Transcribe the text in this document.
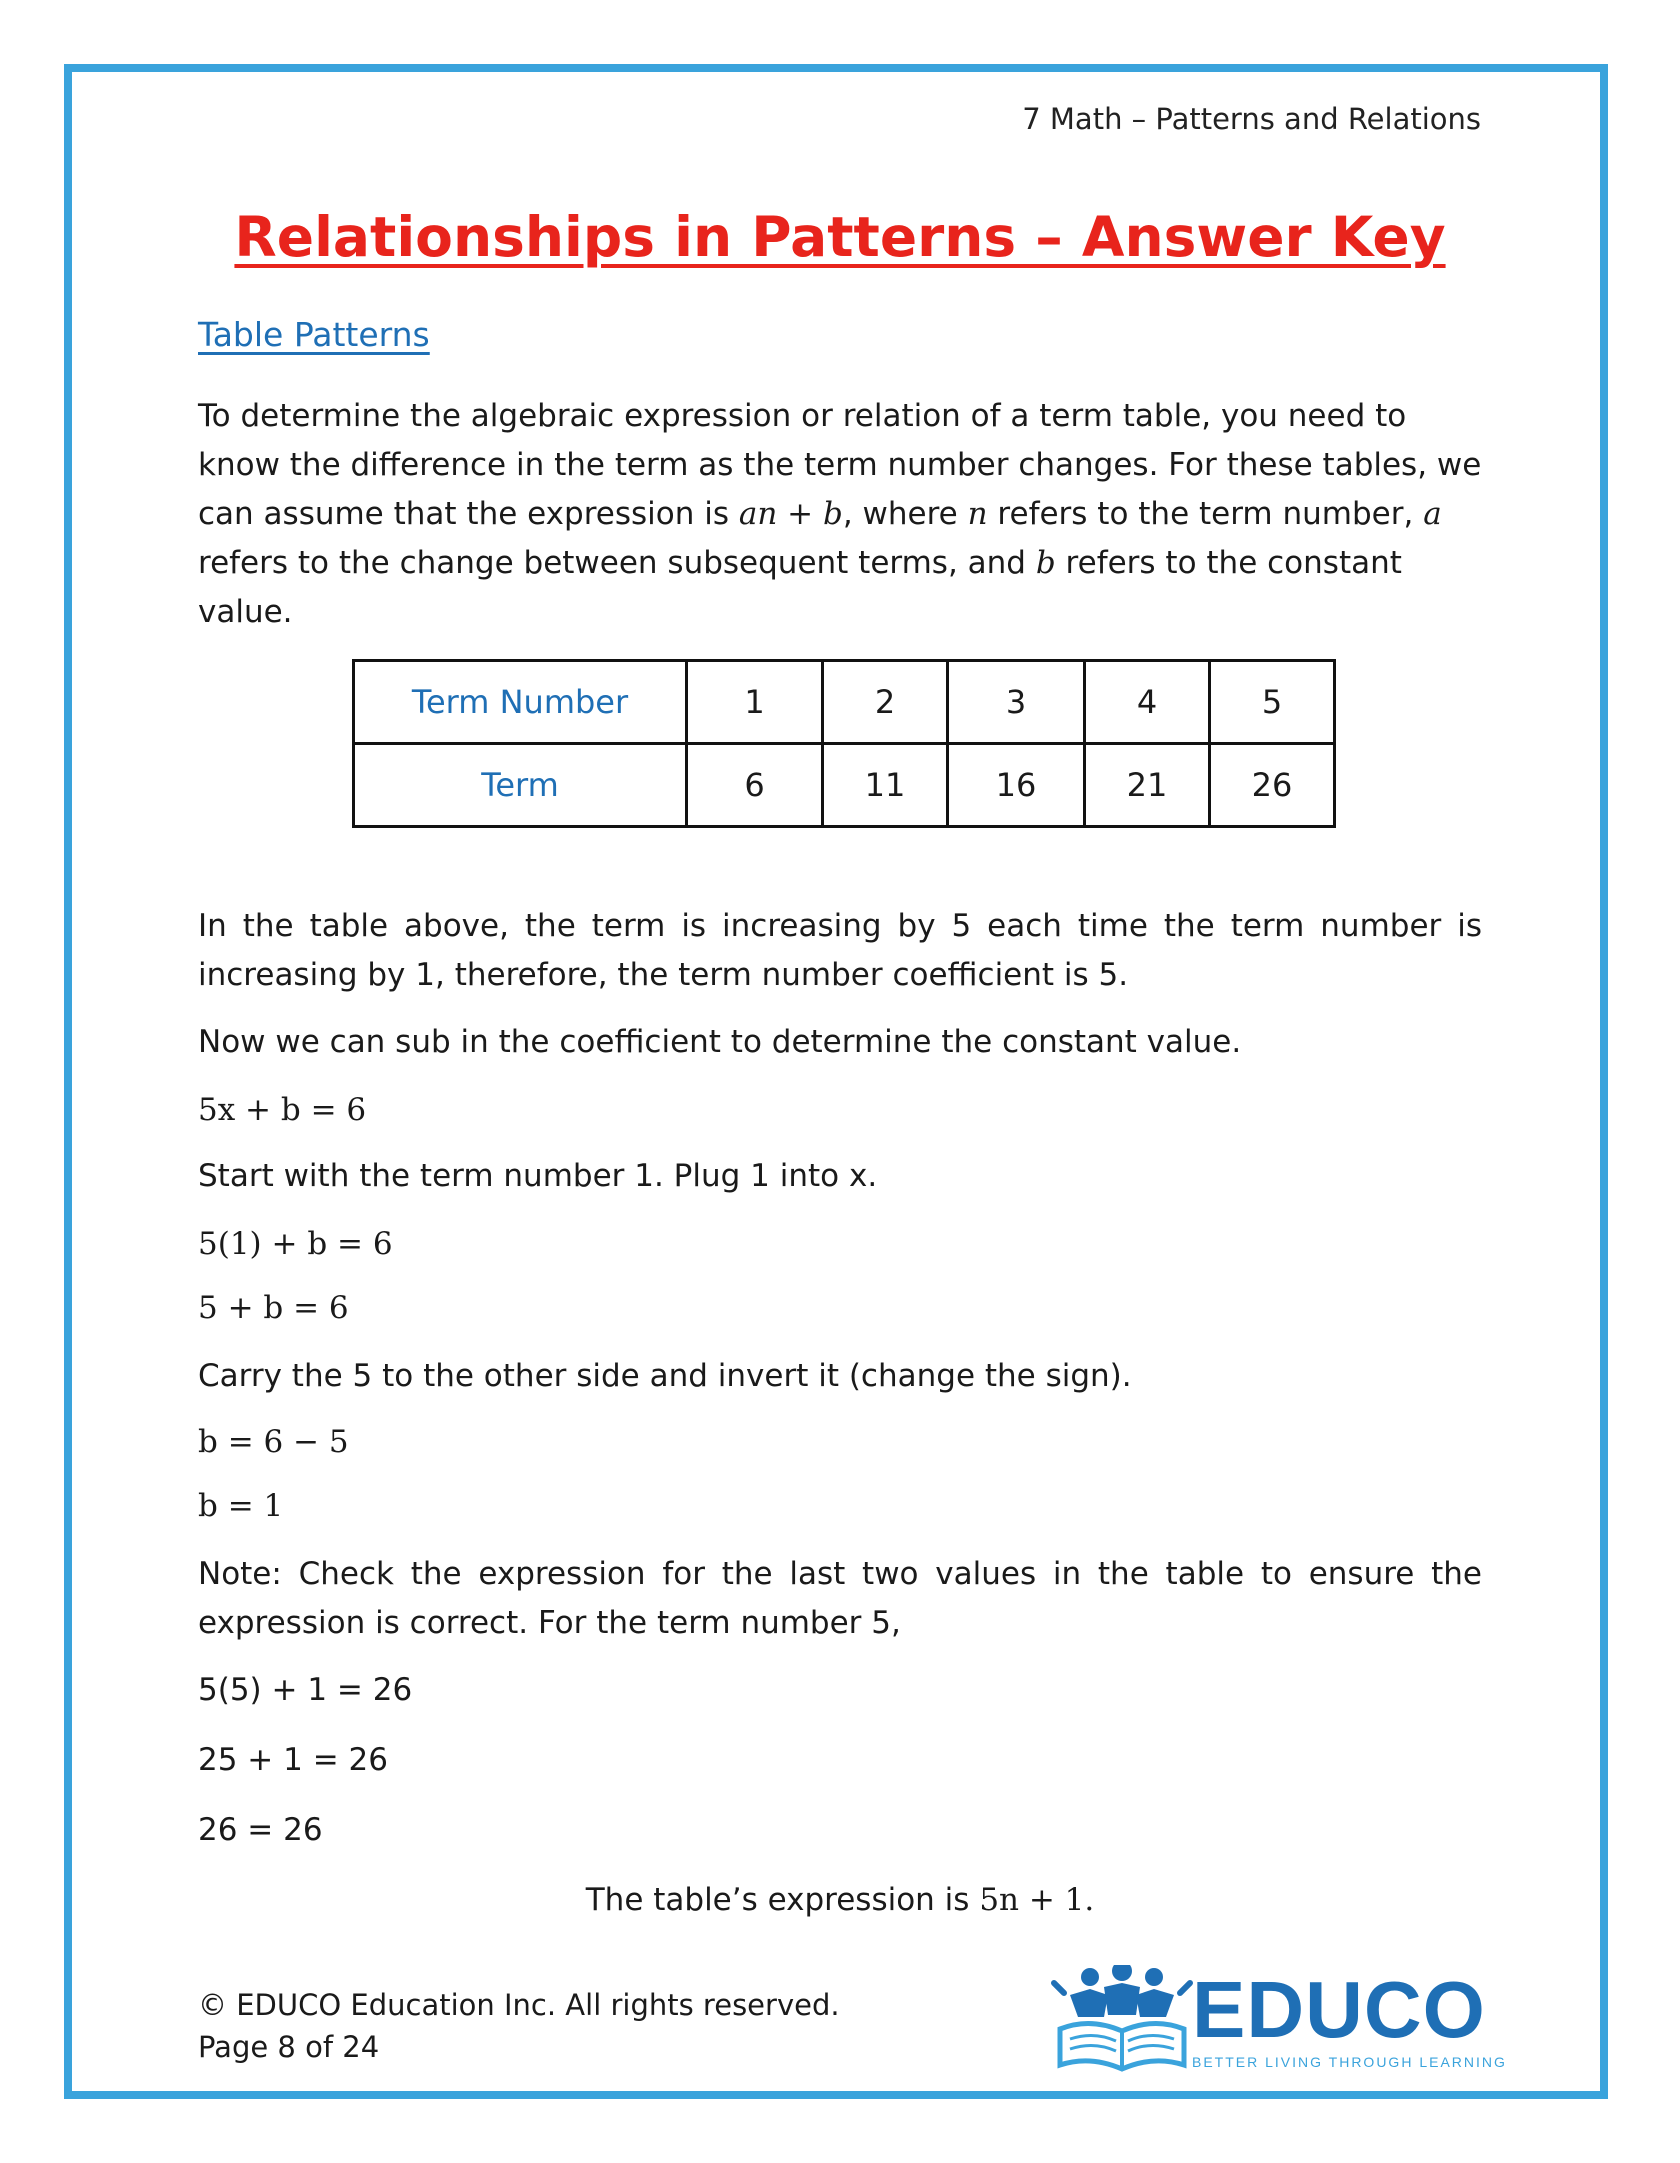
7 Math – Patterns and Relations
Relationships in Patterns – Answer Key
Table Patterns
To determine the algebraic expression or relation of a term table, you need to know the difference in the term as the term number changes. For these tables, we can assume that the expression is an + b, where n refers to the term number, a refers to the change between subsequent terms, and b refers to the constant value.
Term Number	1	2	3	4	5
Term	6	11	16	21	26
In the table above, the term is increasing by 5 each time the term number is increasing by 1, therefore, the term number coefficient is 5.
Now we can sub in the coefficient to determine the constant value.
5x + b = 6
Start with the term number 1. Plug 1 into x.
5(1) + b = 6
5 + b = 6
Carry the 5 to the other side and invert it (change the sign).
b = 6 − 5
b = 1
Note: Check the expression for the last two values in the table to ensure the expression is correct. For the term number 5,
5(5) + 1 = 26
25 + 1 = 26
26 = 26
The table’s expression is 5n + 1.
© EDUCO Education Inc. All rights reserved.
Page 8 of 24	EDUCO
BETTER LIVING THROUGH LEARNING
